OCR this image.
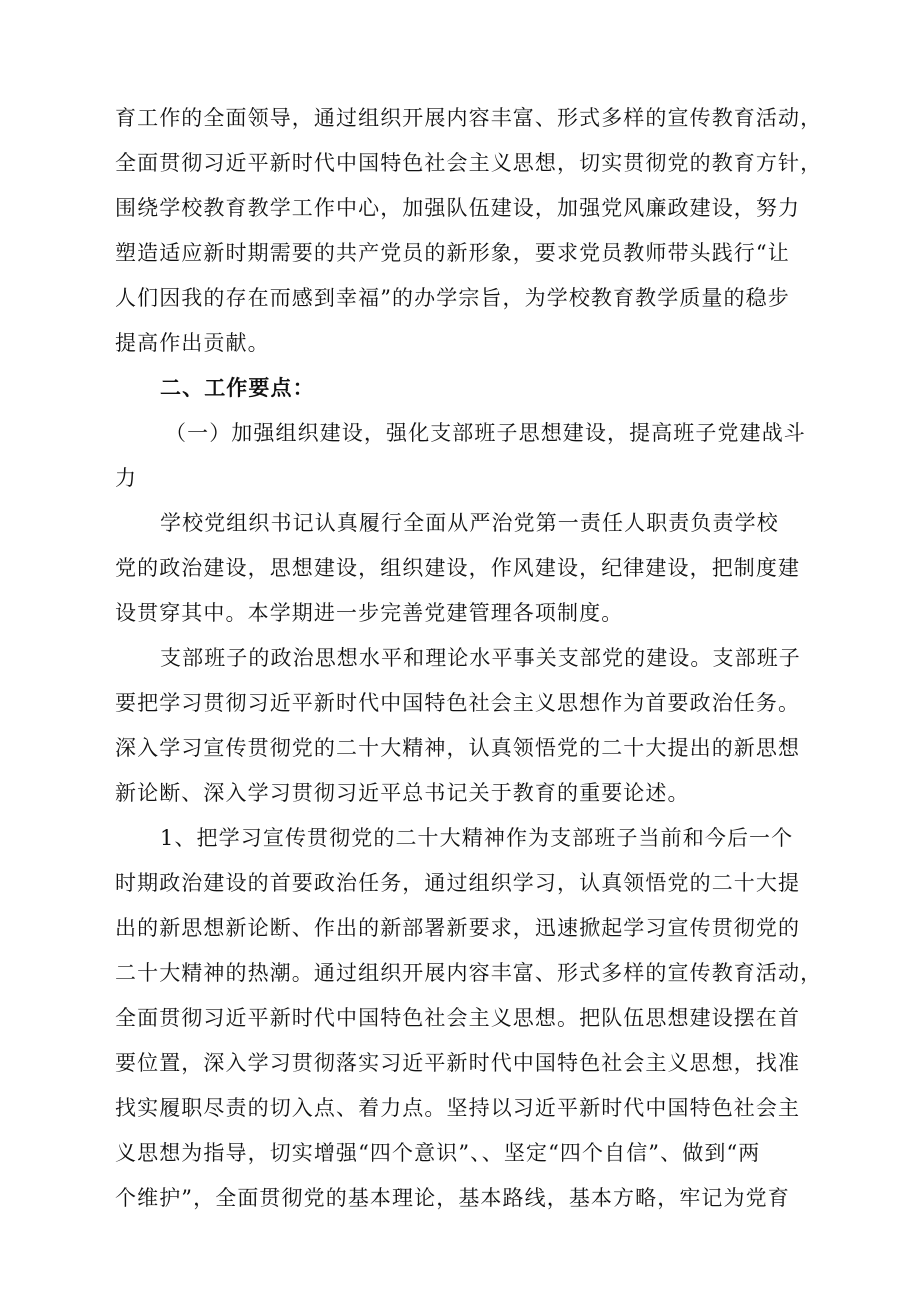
育工作的全面领导，通过组织开展内容丰富、形式多样的宣传教育活动，
全面贯彻习近平新时代中国特色社会主义思想，切实贯彻党的教育方针，
围绕学校教育教学工作中心，加强队伍建设，加强党风廉政建设，努力
塑造适应新时期需要的共产党员的新形象，要求党员教师带头践行“让
人们因我的存在而感到幸福”的办学宗旨，为学校教育教学质量的稳步
提高作出贡献。
二、工作要点：
（一）加强组织建设，强化支部班子思想建设，提高班子党建战斗
力
学校党组织书记认真履行全面从严治党第一责任人职责负责学校
党的政治建设，思想建设，组织建设，作风建设，纪律建设，把制度建
设贯穿其中。本学期进一步完善党建管理各项制度。
支部班子的政治思想水平和理论水平事关支部党的建设。支部班子
要把学习贯彻习近平新时代中国特色社会主义思想作为首要政治任务。
深入学习宣传贯彻党的二十大精神，认真领悟党的二十大提出的新思想
新论断、深入学习贯彻习近平总书记关于教育的重要论述。
1、把学习宣传贯彻党的二十大精神作为支部班子当前和今后一个
时期政治建设的首要政治任务，通过组织学习，认真领悟党的二十大提
出的新思想新论断、作出的新部署新要求，迅速掀起学习宣传贯彻党的
二十大精神的热潮。通过组织开展内容丰富、形式多样的宣传教育活动，
全面贯彻习近平新时代中国特色社会主义思想。把队伍思想建设摆在首
要位置，深入学习贯彻落实习近平新时代中国特色社会主义思想，找准
找实履职尽责的切入点、着力点。坚持以习近平新时代中国特色社会主
义思想为指导，切实增强“四个意识”、、坚定“四个自信”、做到“两
个维护”，全面贯彻党的基本理论，基本路线，基本方略，牢记为党育
